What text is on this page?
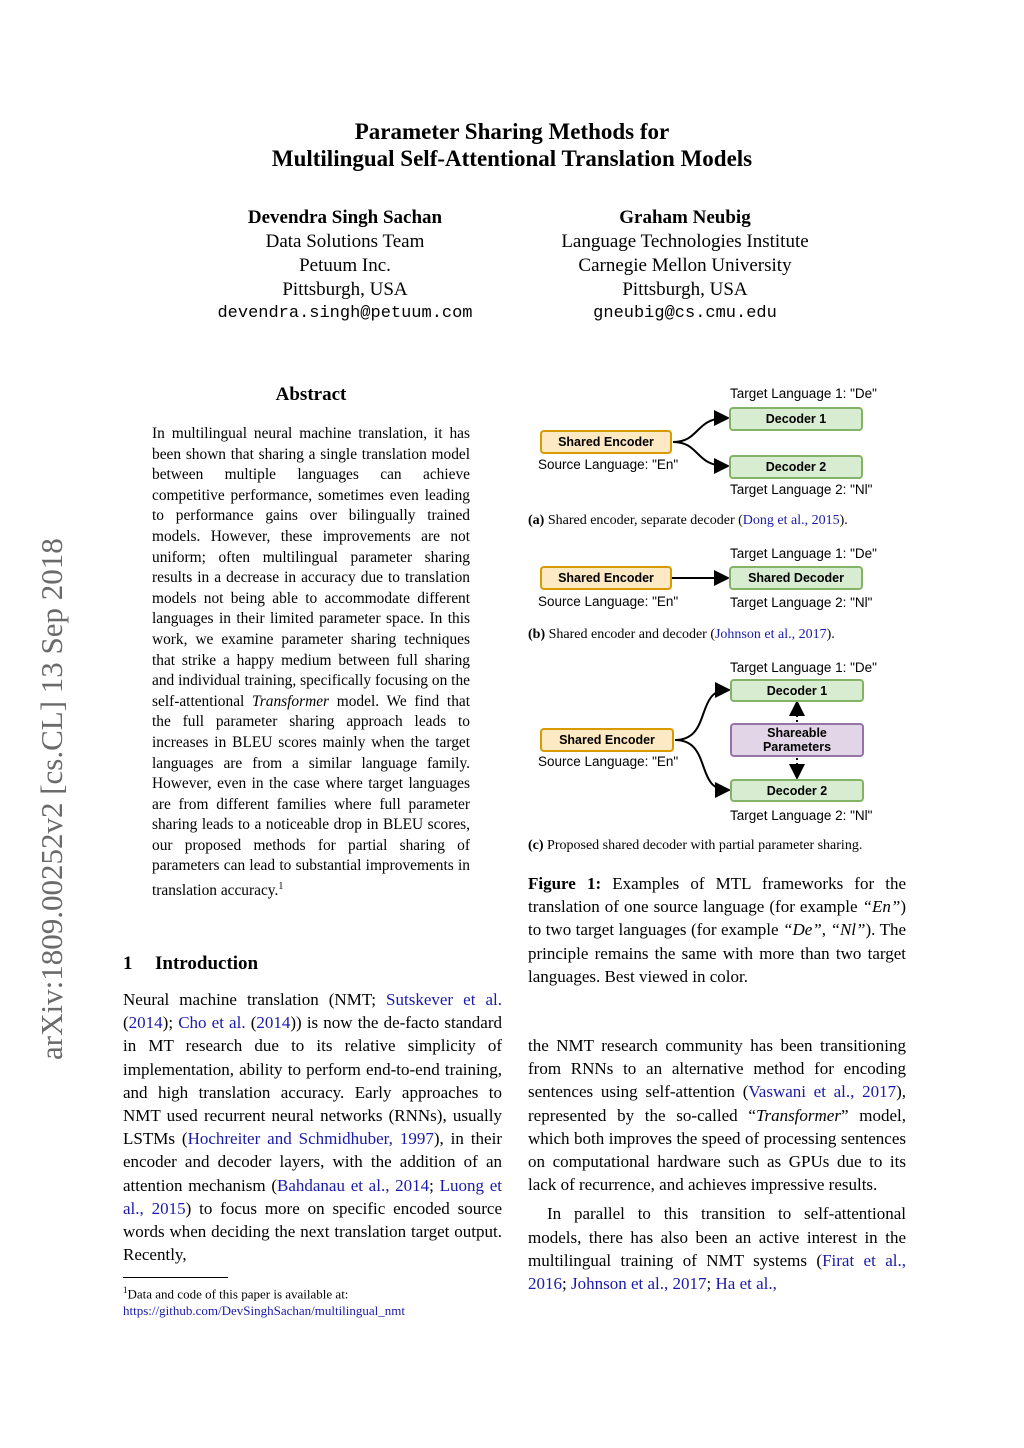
arXiv:1809.00252v2 [cs.CL] 13 Sep 2018
Parameter Sharing Methods for
Multilingual Self-Attentional Translation Models
Devendra Singh Sachan
Data Solutions Team
Petuum Inc.
Pittsburgh, USA
devendra.singh@petuum.com
Graham Neubig
Language Technologies Institute
Carnegie Mellon University
Pittsburgh, USA
gneubig@cs.cmu.edu
Abstract
In multilingual neural machine translation, it has been shown that sharing a single translation model between multiple languages can achieve competitive performance, sometimes even leading to performance gains over bilingually trained models. However, these improvements are not uniform; often multilingual parameter sharing results in a decrease in accuracy due to translation models not being able to accommodate different languages in their limited parameter space. In this work, we examine parameter sharing techniques that strike a happy medium between full sharing and individual training, specifically focusing on the self-attentional Transformer model. We find that the full parameter sharing approach leads to increases in BLEU scores mainly when the target languages are from a similar language family. However, even in the case where target languages are from different families where full parameter sharing leads to a noticeable drop in BLEU scores, our proposed methods for partial sharing of parameters can lead to substantial improvements in translation accuracy.$^1$
1 Introduction
Neural machine translation (NMT; Sutskever et al. (2014); Cho et al. (2014)) is now the de-facto standard in MT research due to its relative simplicity of implementation, ability to perform end-to-end training, and high translation accuracy. Early approaches to NMT used recurrent neural networks (RNNs), usually LSTMs (Hochreiter and Schmidhuber, 1997), in their encoder and decoder layers, with the addition of an attention mechanism (Bahdanau et al., 2014; Luong et al., 2015) to focus more on specific encoded source words when deciding the next translation target output. Recently,
$^1$Data and code of this paper is available at:
https://github.com/DevSinghSachan/multilingual_nmt
Target Language 1: "De"
Decoder 1
Shared Encoder
Source Language: "En"	Decoder 2
Target Language 2: "Nl"
(a) Shared encoder, separate decoder (Dong et al., 2015).
Target Language 1: "De"
Shared Encoder	Shared Decoder
Source Language: "En"	Target Language 2: "Nl"
(b) Shared encoder and decoder (Johnson et al., 2017).
Target Language 1: "De"
Decoder 1
Shareable Parameters
Shared Encoder
Source Language: "En"
Decoder 2
Target Language 2: "Nl"
(c) Proposed shared decoder with partial parameter sharing.
Figure 1: Examples of MTL frameworks for the translation of one source language (for example “En”) to two target languages (for example “De”, “Nl”). The principle remains the same with more than two target languages. Best viewed in color.

the NMT research community has been transitioning from RNNs to an alternative method for encoding sentences using self-attention (Vaswani et al., 2017), represented by the so-called “Transformer” model, which both improves the speed of processing sentences on computational hardware such as GPUs due to its lack of recurrence, and achieves impressive results.

In parallel to this transition to self-attentional models, there has also been an active interest in the multilingual training of NMT systems (Firat et al., 2016; Johnson et al., 2017; Ha et al.,
